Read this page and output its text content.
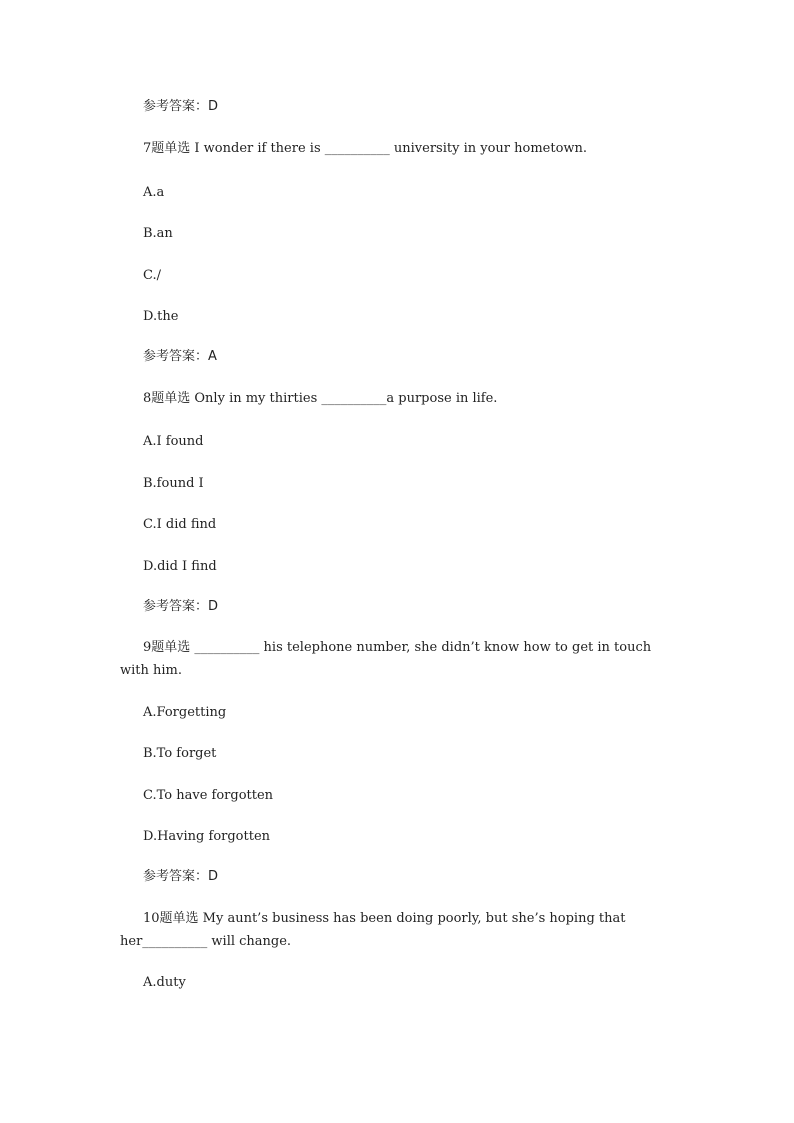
参考答案：D
7题单选 I wonder if there is __________ university in your hometown.
A.a
B.an
C./
D.the
参考答案：A
8题单选 Only in my thirties __________a purpose in life.
A.I found
B.found I
C.I did find
D.did I find
参考答案：D
9题单选 __________ his telephone number, she didn’t know how to get in touch with him.
A.Forgetting
B.To forget
C.To have forgotten
D.Having forgotten
参考答案：D
10题单选 My aunt’s business has been doing poorly, but she’s hoping that her__________ will change.
A.duty
